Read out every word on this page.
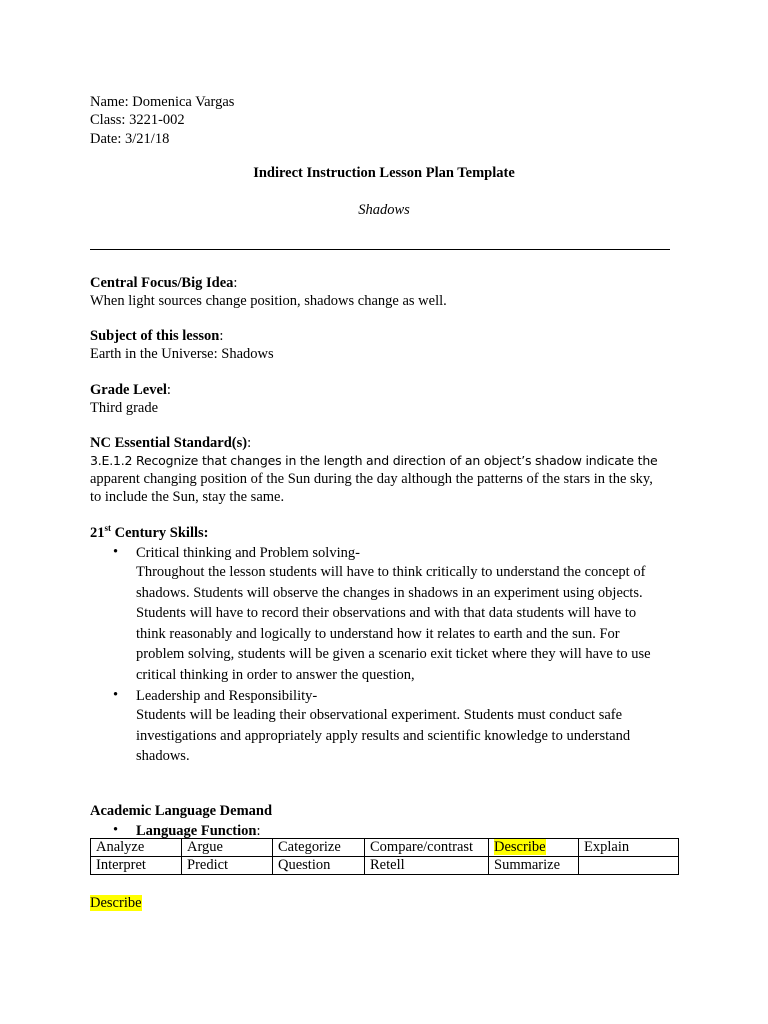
Name: Domenica Vargas
Class: 3221-002
Date: 3/21/18
Indirect Instruction Lesson Plan Template
Shadows
Central Focus/Big Idea:
When light sources change position, shadows change as well.
Subject of this lesson:
Earth in the Universe: Shadows
Grade Level:
Third grade
NC Essential Standard(s):
3.E.1.2 Recognize that changes in the length and direction of an object’s shadow indicate the
apparent changing position of the Sun during the day although the patterns of the stars in the sky,
to include the Sun, stay the same.
21st Century Skills:
Critical thinking and Problem solving-
Throughout the lesson students will have to think critically to understand the concept of
shadows. Students will observe the changes in shadows in an experiment using objects.
Students will have to record their observations and with that data students will have to
think reasonably and logically to understand how it relates to earth and the sun. For
problem solving, students will be given a scenario exit ticket where they will have to use
critical thinking in order to answer the question,
Leadership and Responsibility-
Students will be leading their observational experiment. Students must conduct safe
investigations and appropriately apply results and scientific knowledge to understand
shadows.
Academic Language Demand
Language Function:
Analyze	Argue	Categorize	Compare/contrast	Describe	Explain
Interpret	Predict	Question	Retell	Summarize	
Describe
